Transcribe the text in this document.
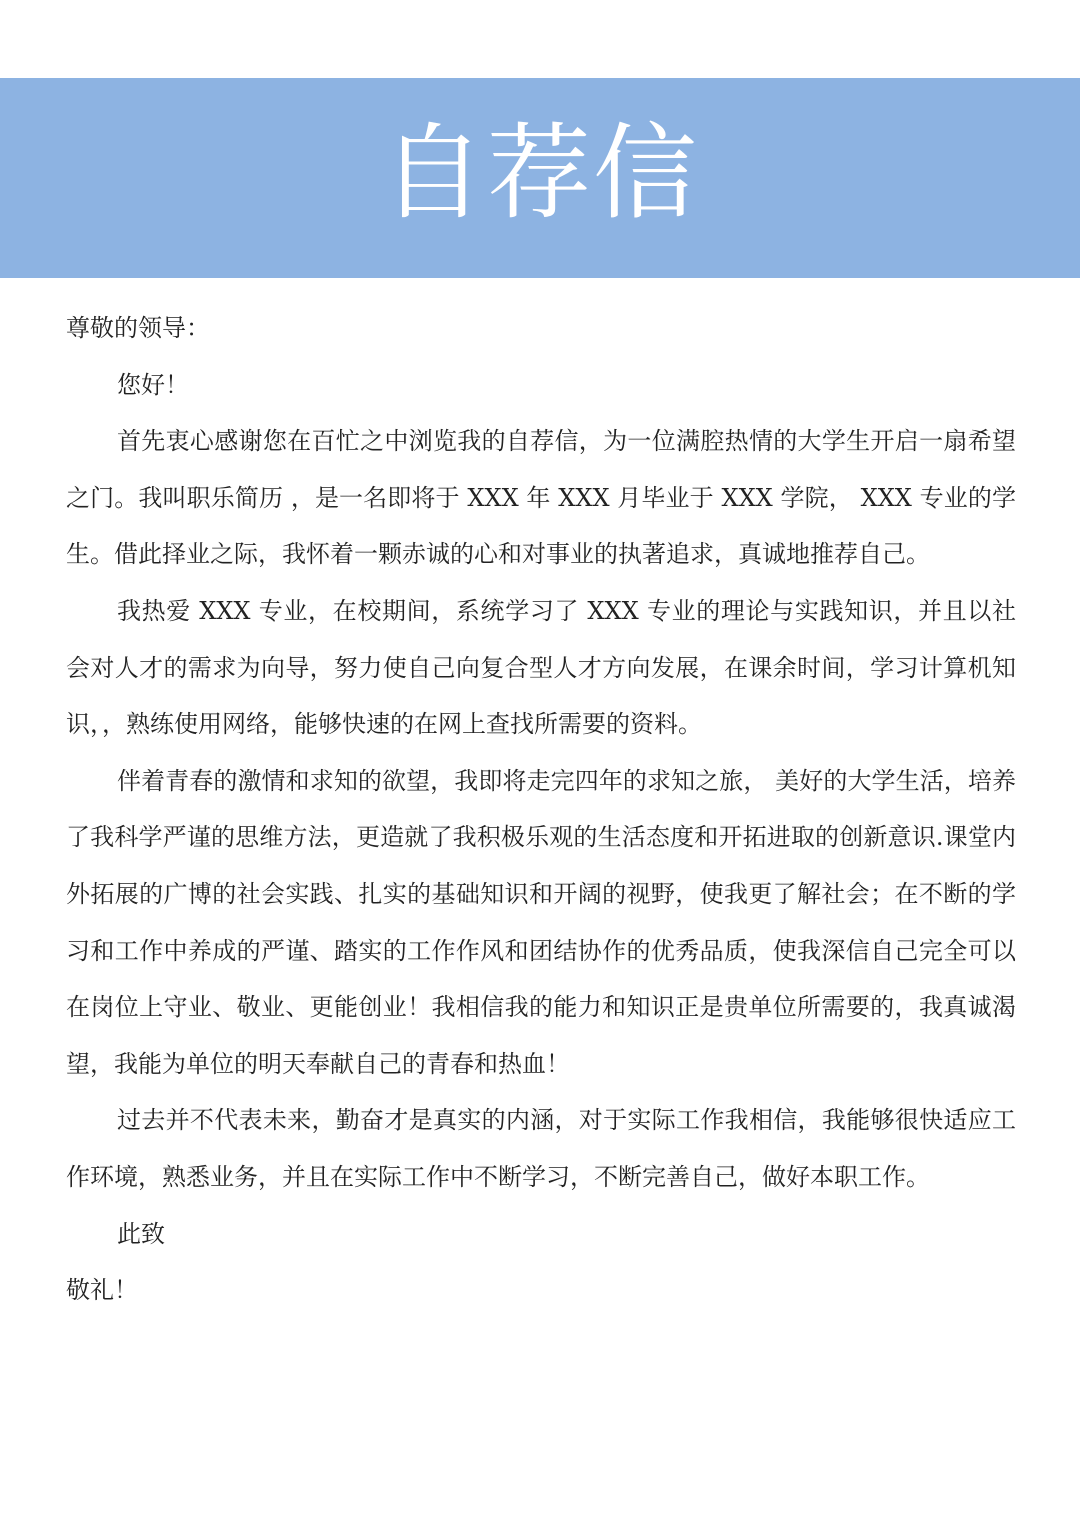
自荐信

尊敬的领导：

您好！

首先衷心感谢您在百忙之中浏览我的自荐信，为一位满腔热情的大学生开启一扇希望之门。我叫职乐简历 ，是一名即将于 XXX 年 XXX 月毕业于 XXX 学院， XXX 专业的学生。借此择业之际，我怀着一颗赤诚的心和对事业的执著追求，真诚地推荐自己。

我热爱 XXX 专业，在校期间，系统学习了 XXX 专业的理论与实践知识，并且以社会对人才的需求为向导，努力使自己向复合型人才方向发展，在课余时间，学习计算机知识，，熟练使用网络，能够快速的在网上查找所需要的资料。

伴着青春的激情和求知的欲望，我即将走完四年的求知之旅， 美好的大学生活，培养了我科学严谨的思维方法，更造就了我积极乐观的生活态度和开拓进取的创新意识.课堂内外拓展的广博的社会实践、扎实的基础知识和开阔的视野，使我更了解社会；在不断的学习和工作中养成的严谨、踏实的工作作风和团结协作的优秀品质，使我深信自己完全可以在岗位上守业、敬业、更能创业！我相信我的能力和知识正是贵单位所需要的，我真诚渴望，我能为单位的明天奉献自己的青春和热血！

过去并不代表未来，勤奋才是真实的内涵，对于实际工作我相信，我能够很快适应工作环境，熟悉业务，并且在实际工作中不断学习，不断完善自己，做好本职工作。

此致

敬礼！
